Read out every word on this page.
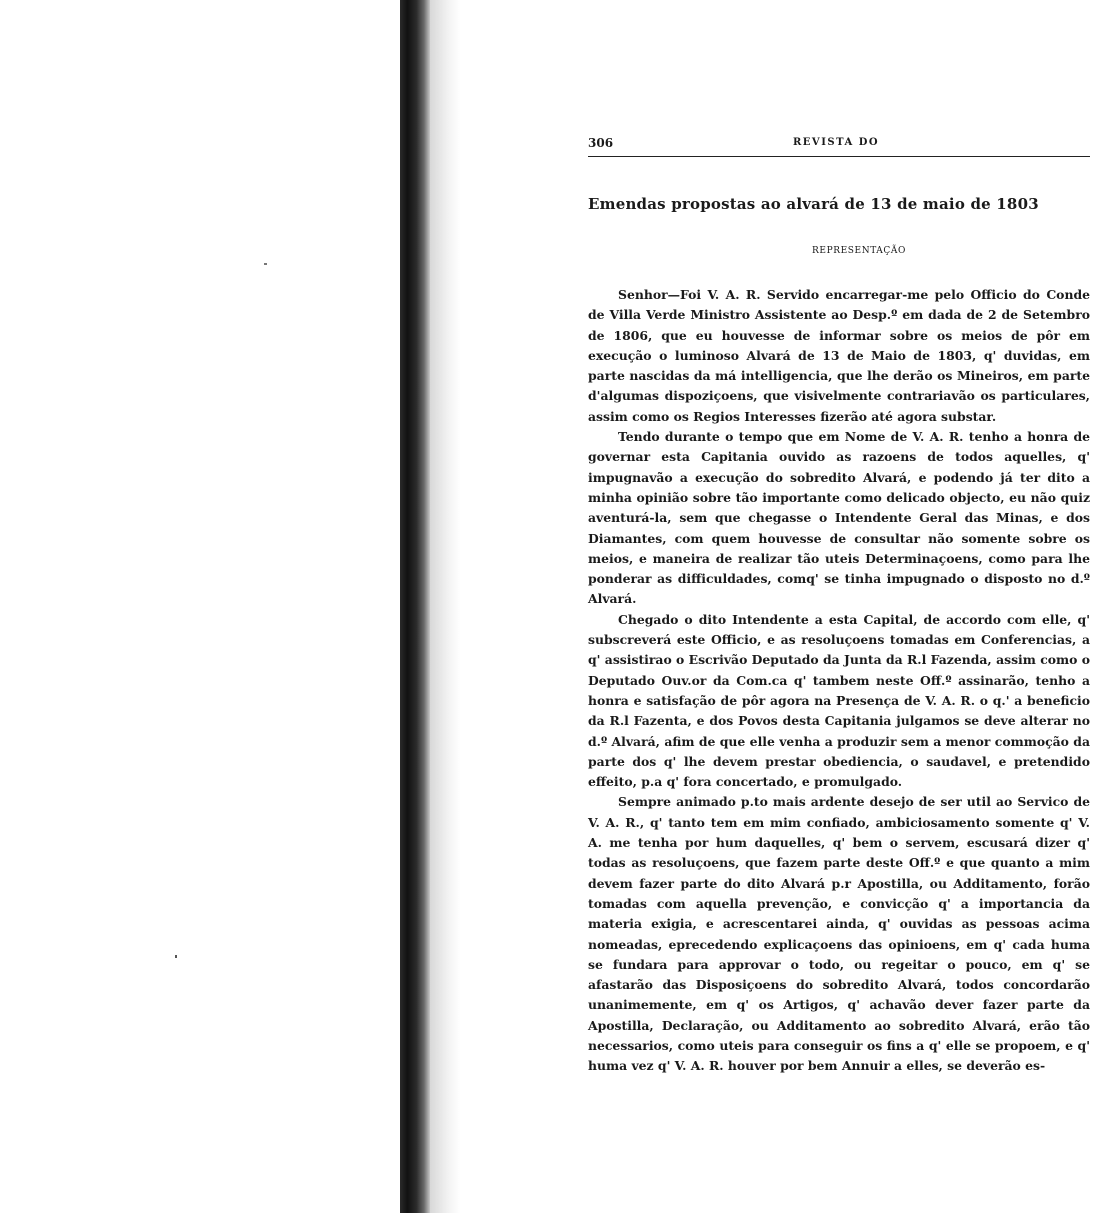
306	REVISTA DO
Emendas propostas ao alvará de 13 de maio de 1803
REPRESENTAÇÃO

Senhor—Foi V. A. R. Servido encarregar-me pelo Officio do Conde de Villa Verde Ministro Assistente ao Desp.º em dada de 2 de Setembro de 1806, que eu houvesse de informar sobre os meios de pôr em execução o luminoso Alvará de 13 de Maio de 1803, q' duvidas, em parte nascidas da má intelligencia, que lhe derão os Mineiros, em parte d'algumas dispoziçoens, que visivelmente contrariavão os particulares, assim como os Regios Interesses fizerão até agora substar.

Tendo durante o tempo que em Nome de V. A. R. tenho a honra de governar esta Capitania ouvido as razoens de todos aquelles, q' impugnavão a execução do sobredito Alvará, e podendo já ter dito a minha opinião sobre tão importante como delicado objecto, eu não quiz aventurá-la, sem que chegasse o Intendente Geral das Minas, e dos Diamantes, com quem houvesse de consultar não somente sobre os meios, e maneira de realizar tão uteis Determinaçoens, como para lhe ponderar as difficuldades, comq' se tinha impugnado o disposto no d.º Alvará.

Chegado o dito Intendente a esta Capital, de accordo com elle, q' subscreverá este Officio, e as resoluçoens tomadas em Conferencias, a q' assistirao o Escrivão Deputado da Junta da R.l Fazenda, assim como o Deputado Ouv.or da Com.ca q' tambem neste Off.º assinarão, tenho a honra e satisfação de pôr agora na Presença de V. A. R. o q.' a beneficio da R.l Fazenta, e dos Povos desta Capitania julgamos se deve alterar no d.º Alvará, afim de que elle venha a produzir sem a menor commoção da parte dos q' lhe devem prestar obediencia, o saudavel, e pretendido effeito, p.a q' fora concertado, e promulgado.

Sempre animado p.to mais ardente desejo de ser util ao Servico de V. A. R., q' tanto tem em mim confiado, ambiciosamento somente q' V. A. me tenha por hum daquelles, q' bem o servem, escusará dizer q' todas as resoluçoens, que fazem parte deste Off.º e que quanto a mim devem fazer parte do dito Alvará p.r Apostilla, ou Additamento, forão tomadas com aquella prevenção, e convicção q' a importancia da materia exigia, e acrescentarei ainda, q' ouvidas as pessoas acima nomeadas, eprecedendo explicaçoens das opinioens, em q' cada huma se fundara para approvar o todo, ou regeitar o pouco, em q' se afastarão das Disposiçoens do sobredito Alvará, todos concordarão unanimemente, em q' os Artigos, q' achavão dever fazer parte da Apostilla, Declaração, ou Additamento ao sobredito Alvará, erão tão necessarios, como uteis para conseguir os fins a q' elle se propoem, e q' huma vez q' V. A. R. houver por bem Annuir a elles, se deverão es-
